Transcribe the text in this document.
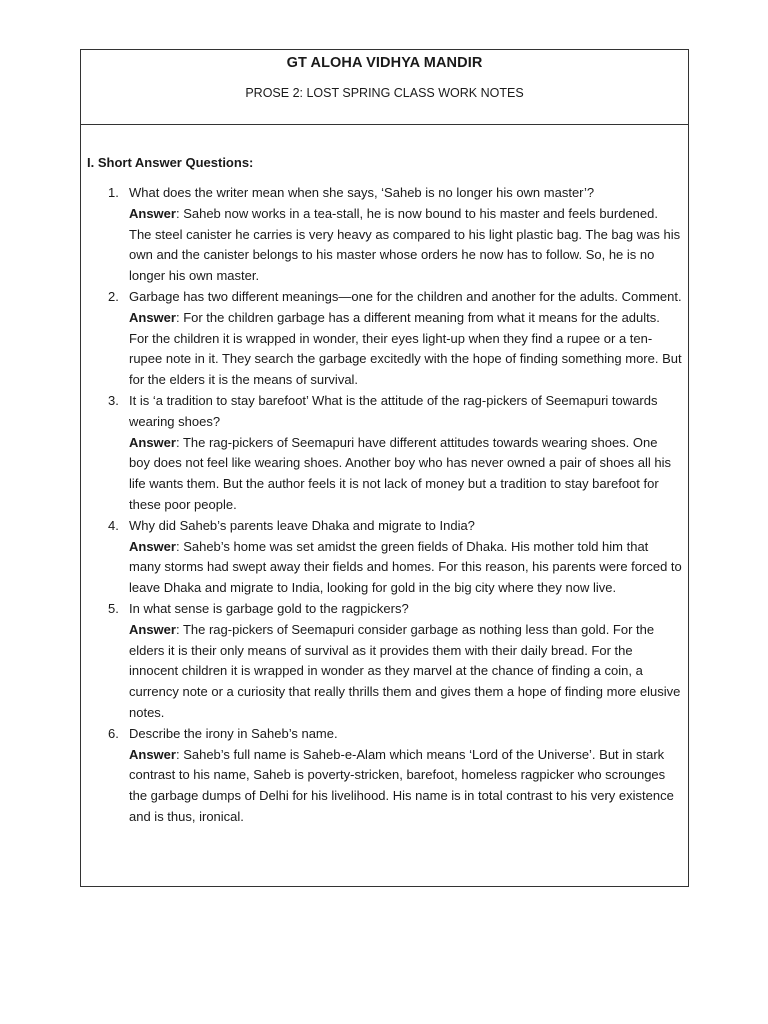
GT ALOHA VIDHYA MANDIR
PROSE 2: LOST SPRING CLASS WORK NOTES
I. Short Answer Questions:
1. What does the writer mean when she says, ‘Saheb is no longer his own master’?
Answer: Saheb now works in a tea-stall, he is now bound to his master and feels burdened. The steel canister he carries is very heavy as compared to his light plastic bag. The bag was his own and the canister belongs to his master whose orders he now has to follow. So, he is no longer his own master.
2. Garbage has two different meanings—one for the children and another for the adults. Comment.
Answer: For the children garbage has a different meaning from what it means for the adults. For the children it is wrapped in wonder, their eyes light-up when they find a rupee or a ten-rupee note in it. They search the garbage excitedly with the hope of finding something more. But for the elders it is the means of survival.
3. It is ‘a tradition to stay barefoot’ What is the attitude of the rag-pickers of Seemapuri towards wearing shoes?
Answer: The rag-pickers of Seemapuri have different attitudes towards wearing shoes. One boy does not feel like wearing shoes. Another boy who has never owned a pair of shoes all his life wants them. But the author feels it is not lack of money but a tradition to stay barefoot for these poor people.
4. Why did Saheb’s parents leave Dhaka and migrate to India?
Answer: Saheb’s home was set amidst the green fields of Dhaka. His mother told him that many storms had swept away their fields and homes. For this reason, his parents were forced to leave Dhaka and migrate to India, looking for gold in the big city where they now live.
5. In what sense is garbage gold to the ragpickers?
Answer: The rag-pickers of Seemapuri consider garbage as nothing less than gold. For the elders it is their only means of survival as it provides them with their daily bread. For the innocent children it is wrapped in wonder as they marvel at the chance of finding a coin, a currency note or a curiosity that really thrills them and gives them a hope of finding more elusive notes.
6. Describe the irony in Saheb’s name.
Answer: Saheb’s full name is Saheb-e-Alam which means ‘Lord of the Universe’. But in stark contrast to his name, Saheb is poverty-stricken, barefoot, homeless ragpicker who scrounges the garbage dumps of Delhi for his livelihood. His name is in total contrast to his very existence and is thus, ironical.
